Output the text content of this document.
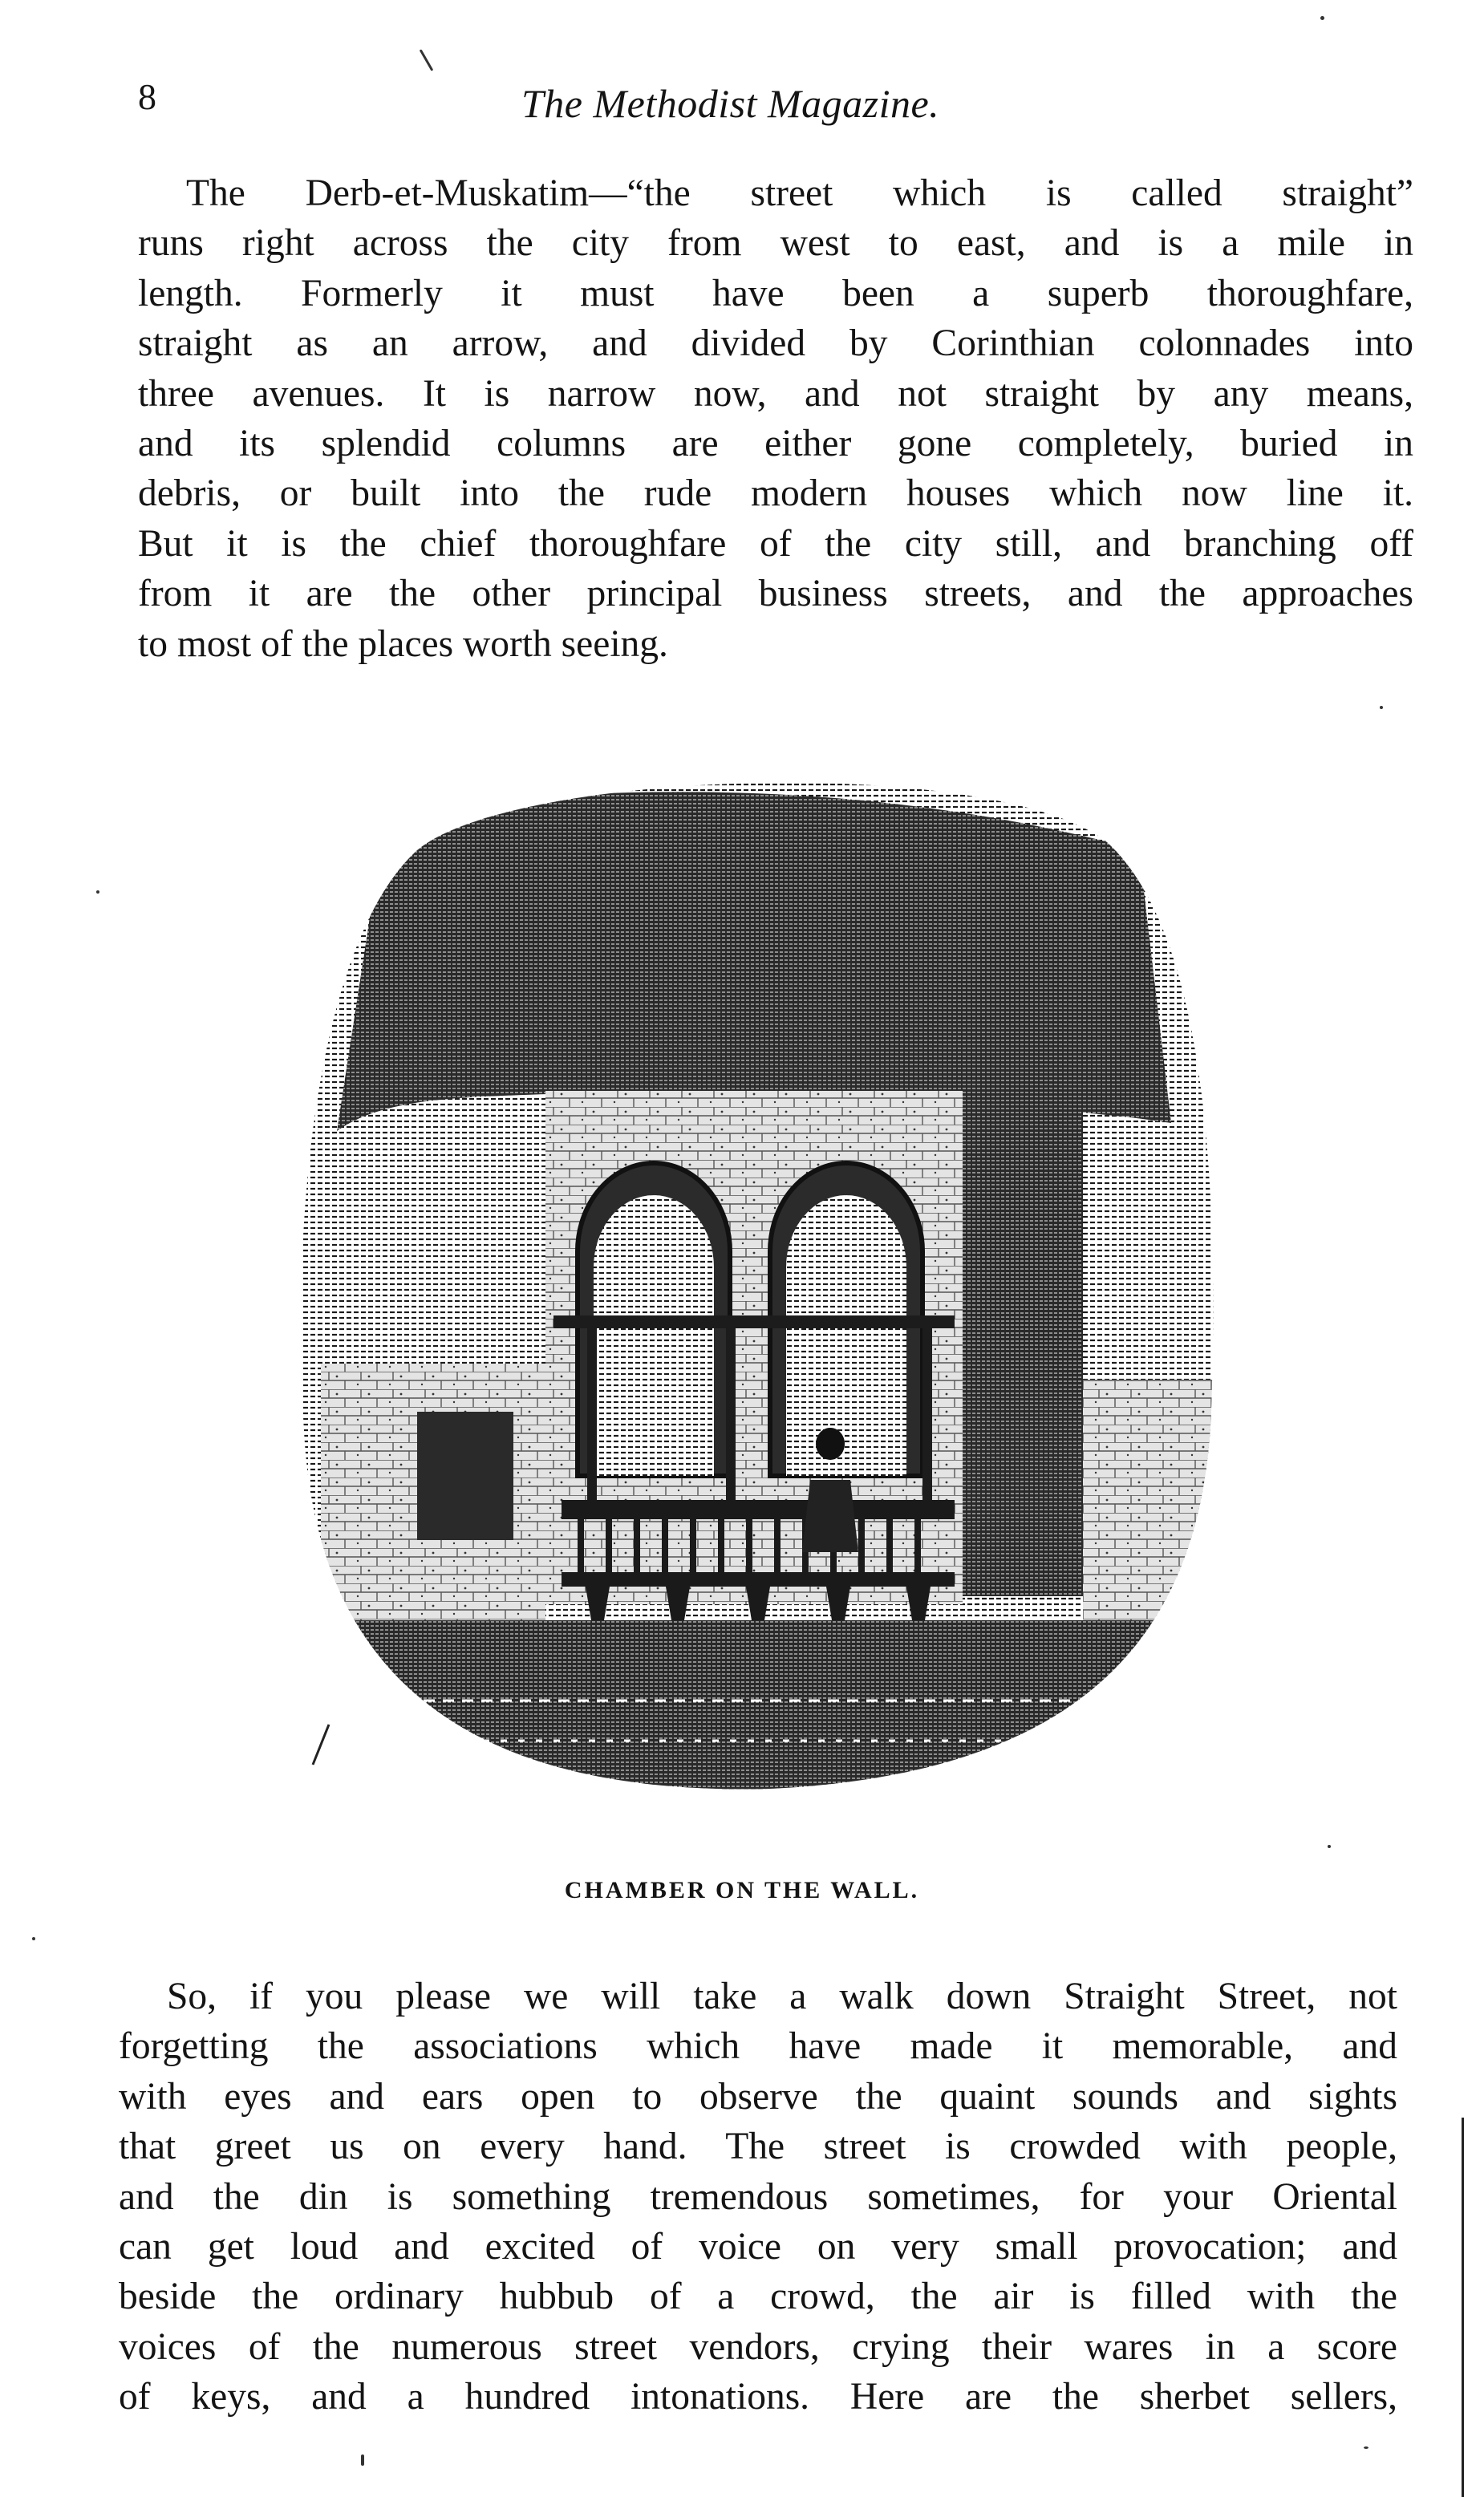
8	The Methodist Magazine.
The Derb-et-Muskatim—“the street which is called straight”
runs right across the city from west to east, and is a mile in
length. Formerly it must have been a superb thoroughfare,
straight as an arrow, and divided by Corinthian colonnades into
three avenues. It is narrow now, and not straight by any means,
and its splendid columns are either gone completely, buried in
debris, or built into the rude modern houses which now line it.
But it is the chief thoroughfare of the city still, and branching off
from it are the other principal business streets, and the approaches
to most of the places worth seeing.
CHAMBER ON THE WALL.
So, if you please we will take a walk down Straight Street, not
forgetting the associations which have made it memorable, and
with eyes and ears open to observe the quaint sounds and sights
that greet us on every hand. The street is crowded with people,
and the din is something tremendous sometimes, for your Oriental
can get loud and excited of voice on very small provocation; and
beside the ordinary hubbub of a crowd, the air is filled with the
voices of the numerous street vendors, crying their wares in a score
of keys, and a hundred intonations. Here are the sherbet sellers,
